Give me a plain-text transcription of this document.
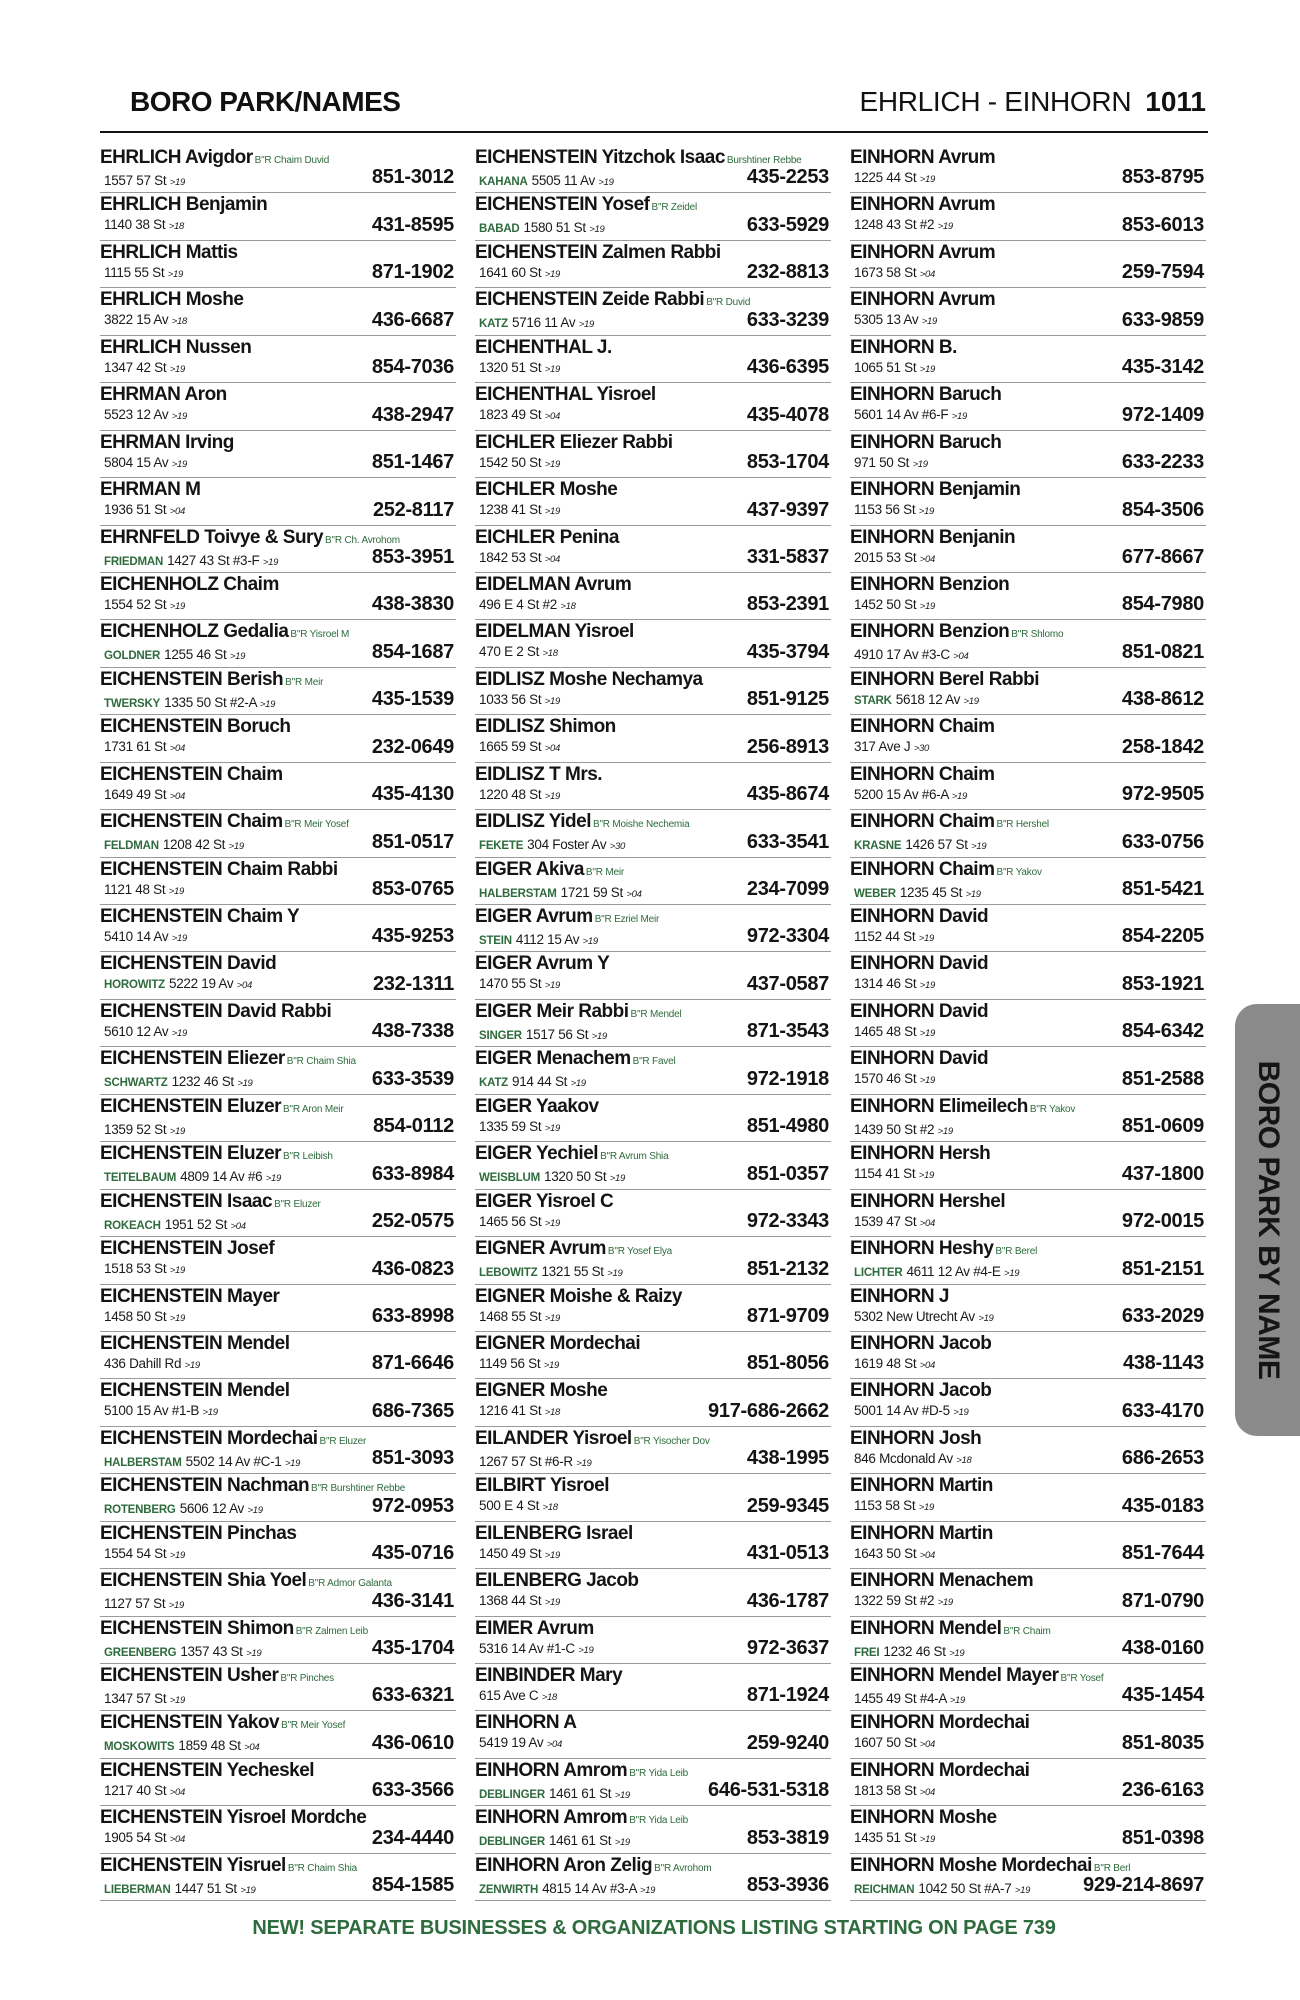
BORO PARK/NAMES	EHRLICH - EINHORN 1011
EHRLICH Avigdor B"R Chaim Duvid
1557 57 St >19	851-3012
EHRLICH Benjamin
1140 38 St >18	431-8595
EHRLICH Mattis
1115 55 St >19	871-1902
EHRLICH Moshe
3822 15 Av >18	436-6687
EHRLICH Nussen
1347 42 St >19	854-7036
EHRMAN Aron
5523 12 Av >19	438-2947
EHRMAN Irving
5804 15 Av >19	851-1467
EHRMAN M
1936 51 St >04	252-8117
EHRNFELD Toivye & Sury B"R Ch. Avrohom
FRIEDMAN 1427 43 St #3-F >19	853-3951
EICHENHOLZ Chaim
1554 52 St >19	438-3830
EICHENHOLZ Gedalia B"R Yisroel M
GOLDNER 1255 46 St >19	854-1687
EICHENSTEIN Berish B"R Meir
TWERSKY 1335 50 St #2-A >19	435-1539
EICHENSTEIN Boruch
1731 61 St >04	232-0649
EICHENSTEIN Chaim
1649 49 St >04	435-4130
EICHENSTEIN Chaim B"R Meir Yosef
FELDMAN 1208 42 St >19	851-0517
EICHENSTEIN Chaim Rabbi
1121 48 St >19	853-0765
EICHENSTEIN Chaim Y
5410 14 Av >19	435-9253
EICHENSTEIN David
HOROWITZ 5222 19 Av >04	232-1311
EICHENSTEIN David Rabbi
5610 12 Av >19	438-7338
EICHENSTEIN Eliezer B"R Chaim Shia
SCHWARTZ 1232 46 St >19	633-3539
EICHENSTEIN Eluzer B"R Aron Meir
1359 52 St >19	854-0112
EICHENSTEIN Eluzer B"R Leibish
TEITELBAUM 4809 14 Av #6 >19	633-8984
EICHENSTEIN Isaac B"R Eluzer
ROKEACH 1951 52 St >04	252-0575
EICHENSTEIN Josef
1518 53 St >19	436-0823
EICHENSTEIN Mayer
1458 50 St >19	633-8998
EICHENSTEIN Mendel
436 Dahill Rd >19	871-6646
EICHENSTEIN Mendel
5100 15 Av #1-B >19	686-7365
EICHENSTEIN Mordechai B"R Eluzer
HALBERSTAM 5502 14 Av #C-1 >19	851-3093
EICHENSTEIN Nachman B"R Burshtiner Rebbe
ROTENBERG 5606 12 Av >19	972-0953
EICHENSTEIN Pinchas
1554 54 St >19	435-0716
EICHENSTEIN Shia Yoel B"R Admor Galanta
1127 57 St >19	436-3141
EICHENSTEIN Shimon B"R Zalmen Leib
GREENBERG 1357 43 St >19	435-1704
EICHENSTEIN Usher B"R Pinches
1347 57 St >19	633-6321
EICHENSTEIN Yakov B"R Meir Yosef
MOSKOWITS 1859 48 St >04	436-0610
EICHENSTEIN Yecheskel
1217 40 St >04	633-3566
EICHENSTEIN Yisroel Mordche
1905 54 St >04	234-4440
EICHENSTEIN Yisruel B"R Chaim Shia
LIEBERMAN 1447 51 St >19	854-1585
EICHENSTEIN Yitzchok Isaac Burshtiner Rebbe
KAHANA 5505 11 Av >19	435-2253
EICHENSTEIN Yosef B"R Zeidel
BABAD 1580 51 St >19	633-5929
EICHENSTEIN Zalmen Rabbi
1641 60 St >19	232-8813
EICHENSTEIN Zeide Rabbi B"R Duvid
KATZ 5716 11 Av >19	633-3239
EICHENTHAL J.
1320 51 St >19	436-6395
EICHENTHAL Yisroel
1823 49 St >04	435-4078
EICHLER Eliezer Rabbi
1542 50 St >19	853-1704
EICHLER Moshe
1238 41 St >19	437-9397
EICHLER Penina
1842 53 St >04	331-5837
EIDELMAN Avrum
496 E 4 St #2 >18	853-2391
EIDELMAN Yisroel
470 E 2 St >18	435-3794
EIDLISZ Moshe Nechamya
1033 56 St >19	851-9125
EIDLISZ Shimon
1665 59 St >04	256-8913
EIDLISZ T Mrs.
1220 48 St >19	435-8674
EIDLISZ Yidel B"R Moishe Nechemia
FEKETE 304 Foster Av >30	633-3541
EIGER Akiva B"R Meir
HALBERSTAM 1721 59 St >04	234-7099
EIGER Avrum B"R Ezriel Meir
STEIN 4112 15 Av >19	972-3304
EIGER Avrum Y
1470 55 St >19	437-0587
EIGER Meir Rabbi B"R Mendel
SINGER 1517 56 St >19	871-3543
EIGER Menachem B"R Favel
KATZ 914 44 St >19	972-1918
EIGER Yaakov
1335 59 St >19	851-4980
EIGER Yechiel B"R Avrum Shia
WEISBLUM 1320 50 St >19	851-0357
EIGER Yisroel C
1465 56 St >19	972-3343
EIGNER Avrum B"R Yosef Elya
LEBOWITZ 1321 55 St >19	851-2132
EIGNER Moishe & Raizy
1468 55 St >19	871-9709
EIGNER Mordechai
1149 56 St >19	851-8056
EIGNER Moshe
1216 41 St >18	917-686-2662
EILANDER Yisroel B"R Yisocher Dov
1267 57 St #6-R >19	438-1995
EILBIRT Yisroel
500 E 4 St >18	259-9345
EILENBERG Israel
1450 49 St >19	431-0513
EILENBERG Jacob
1368 44 St >19	436-1787
EIMER Avrum
5316 14 Av #1-C >19	972-3637
EINBINDER Mary
615 Ave C >18	871-1924
EINHORN A
5419 19 Av >04	259-9240
EINHORN Amrom B"R Yida Leib
DEBLINGER 1461 61 St >19	646-531-5318
EINHORN Amrom B"R Yida Leib
DEBLINGER 1461 61 St >19	853-3819
EINHORN Aron Zelig B"R Avrohom
ZENWIRTH 4815 14 Av #3-A >19	853-3936
EINHORN Avrum
1225 44 St >19	853-8795
EINHORN Avrum
1248 43 St #2 >19	853-6013
EINHORN Avrum
1673 58 St >04	259-7594
EINHORN Avrum
5305 13 Av >19	633-9859
EINHORN B.
1065 51 St >19	435-3142
EINHORN Baruch
5601 14 Av #6-F >19	972-1409
EINHORN Baruch
971 50 St >19	633-2233
EINHORN Benjamin
1153 56 St >19	854-3506
EINHORN Benjanin
2015 53 St >04	677-8667
EINHORN Benzion
1452 50 St >19	854-7980
EINHORN Benzion B"R Shlomo
4910 17 Av #3-C >04	851-0821
EINHORN Berel Rabbi
STARK 5618 12 Av >19	438-8612
EINHORN Chaim
317 Ave J >30	258-1842
EINHORN Chaim
5200 15 Av #6-A >19	972-9505
EINHORN Chaim B"R Hershel
KRASNE 1426 57 St >19	633-0756
EINHORN Chaim B"R Yakov
WEBER 1235 45 St >19	851-5421
EINHORN David
1152 44 St >19	854-2205
EINHORN David
1314 46 St >19	853-1921
EINHORN David
1465 48 St >19	854-6342
EINHORN David
1570 46 St >19	851-2588
EINHORN Elimeilech B"R Yakov
1439 50 St #2 >19	851-0609
EINHORN Hersh
1154 41 St >19	437-1800
EINHORN Hershel
1539 47 St >04	972-0015
EINHORN Heshy B"R Berel
LICHTER 4611 12 Av #4-E >19	851-2151
EINHORN J
5302 New Utrecht Av >19	633-2029
EINHORN Jacob
1619 48 St >04	438-1143
EINHORN Jacob
5001 14 Av #D-5 >19	633-4170
EINHORN Josh
846 Mcdonald Av >18	686-2653
EINHORN Martin
1153 58 St >19	435-0183
EINHORN Martin
1643 50 St >04	851-7644
EINHORN Menachem
1322 59 St #2 >19	871-0790
EINHORN Mendel B"R Chaim
FREI 1232 46 St >19	438-0160
EINHORN Mendel Mayer B"R Yosef
1455 49 St #4-A >19	435-1454
EINHORN Mordechai
1607 50 St >04	851-8035
EINHORN Mordechai
1813 58 St >04	236-6163
EINHORN Moshe
1435 51 St >19	851-0398
EINHORN Moshe Mordechai B"R Berl
REICHMAN 1042 50 St #A-7 >19	929-214-8697
BORO PARK BY NAME
NEW! SEPARATE BUSINESSES & ORGANIZATIONS LISTING STARTING ON PAGE 739
